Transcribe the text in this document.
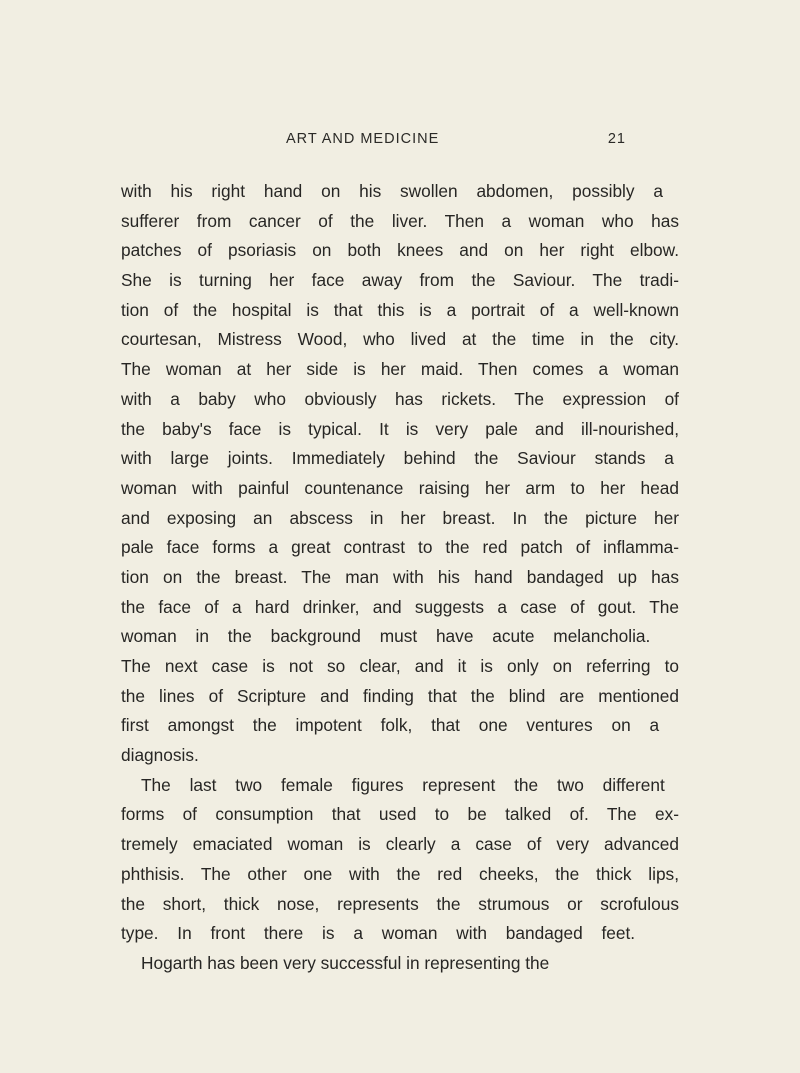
ART AND MEDICINE	21
with his right hand on his swollen abdomen, possibly a
sufferer from cancer of the liver. Then a woman who has
patches of psoriasis on both knees and on her right elbow.
She is turning her face away from the Saviour. The tradi-
tion of the hospital is that this is a portrait of a well-known
courtesan, Mistress Wood, who lived at the time in the city.
The woman at her side is her maid. Then comes a woman
with a baby who obviously has rickets. The expression of
the baby's face is typical. It is very pale and ill-nourished,
with large joints. Immediately behind the Saviour stands a
woman with painful countenance raising her arm to her head
and exposing an abscess in her breast. In the picture her
pale face forms a great contrast to the red patch of inflamma-
tion on the breast. The man with his hand bandaged up has
the face of a hard drinker, and suggests a case of gout. The
woman in the background must have acute melancholia.
The next case is not so clear, and it is only on referring to
the lines of Scripture and finding that the blind are mentioned
first amongst the impotent folk, that one ventures on a
diagnosis.
The last two female figures represent the two different
forms of consumption that used to be talked of. The ex-
tremely emaciated woman is clearly a case of very advanced
phthisis. The other one with the red cheeks, the thick lips,
the short, thick nose, represents the strumous or scrofulous
type. In front there is a woman with bandaged feet.
Hogarth has been very successful in representing the
